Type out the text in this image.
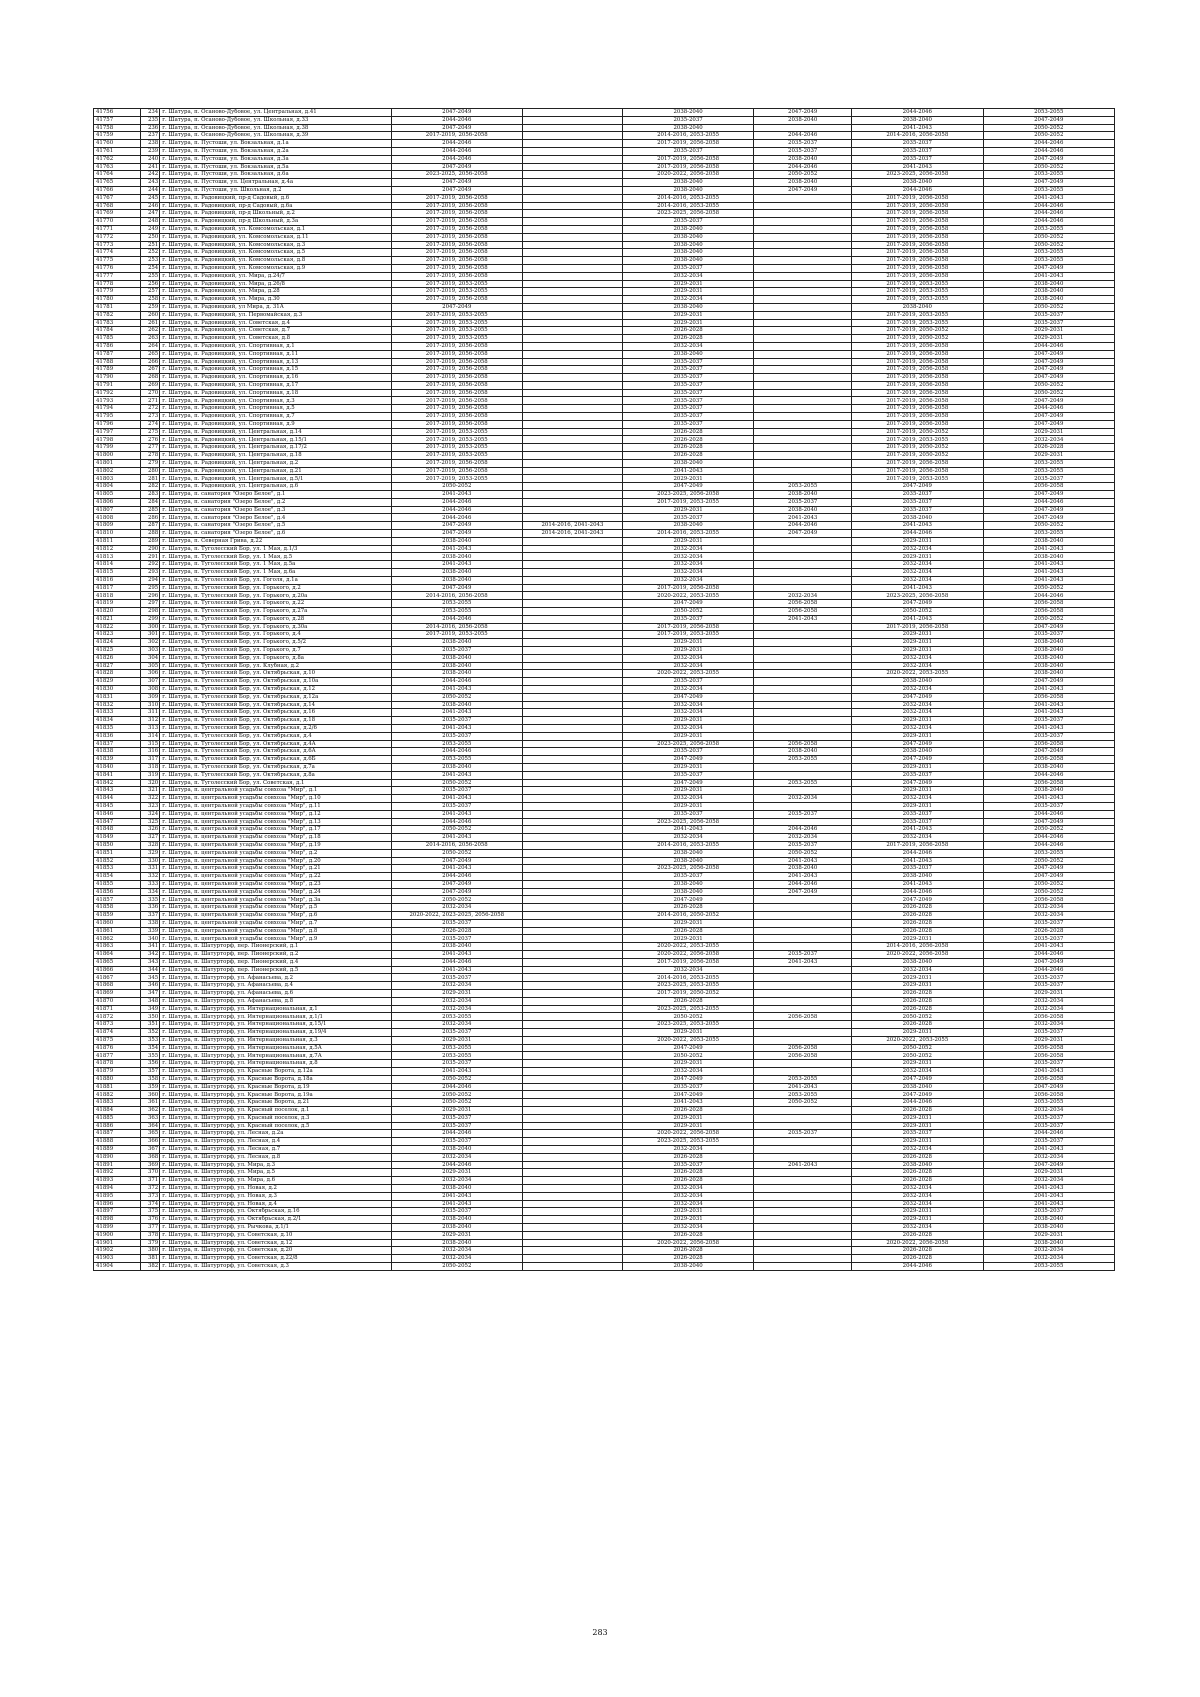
41756	234	г. Шатура, п. Осаново-Дубовое, ул. Центральная, д.41	2047-2049		2038-2040	2047-2049	2044-2046	2053-2055
41757	235	г. Шатура, п. Осаново-Дубовое, ул. Школьная, д.33	2044-2046		2035-2037	2038-2040	2038-2040	2047-2049
41758	236	г. Шатура, п. Осаново-Дубовое, ул. Школьная, д.38	2047-2049		2038-2040		2041-2043	2050-2052
41759	237	г. Шатура, п. Осаново-Дубовое, ул. Школьная, д.39	2017-2019, 2056-2058		2014-2016, 2053-2055	2044-2046	2014-2016, 2056-2058	2050-2052
41760	238	г. Шатура, п. Пустоши, ул. Вокзальная, д.1а	2044-2046		2017-2019, 2056-2058	2035-2037	2035-2037	2044-2046
41761	239	г. Шатура, п. Пустоши, ул. Вокзальная, д.2а	2044-2046		2035-2037	2035-2037	2035-2037	2044-2046
41762	240	г. Шатура, п. Пустоши, ул. Вокзальная, д.3а	2044-2046		2017-2019, 2056-2058	2038-2040	2035-2037	2047-2049
41763	241	г. Шатура, п. Пустоши, ул. Вокзальная, д.5а	2047-2049		2017-2019, 2056-2058	2044-2046	2041-2043	2050-2052
41764	242	г. Шатура, п. Пустоши, ул. Вокзальная, д.6а	2023-2025, 2056-2058		2020-2022, 2056-2058	2050-2052	2023-2025, 2056-2058	2053-2055
41765	243	г. Шатура, п. Пустоши, ул. Центральная, д.4а	2047-2049		2038-2040	2038-2040	2038-2040	2047-2049
41766	244	г. Шатура, п. Пустоши, ул. Школьная, д.2	2047-2049		2038-2040	2047-2049	2044-2046	2053-2055
41767	245	г. Шатура, п. Радовицкий, пр-д Садовый, д.6	2017-2019, 2056-2058		2014-2016, 2053-2055		2017-2019, 2056-2058	2041-2043
41768	246	г. Шатура, п. Радовицкий, пр-д Садовый, д.6а	2017-2019, 2056-2058		2014-2016, 2053-2055		2017-2019, 2056-2058	2044-2046
41769	247	г. Шатура, п. Радовицкий, пр-д Школьный, д.2	2017-2019, 2056-2058		2023-2025, 2056-2058		2017-2019, 2056-2058	2044-2046
41770	248	г. Шатура, п. Радовицкий, пр-д Школьный, д.3а	2017-2019, 2056-2058		2035-2037		2017-2019, 2056-2058	2044-2046
41771	249	г. Шатура, п. Радовицкий, ул. Комсомольская, д.1	2017-2019, 2056-2058		2038-2040		2017-2019, 2056-2058	2053-2055
41772	250	г. Шатура, п. Радовицкий, ул. Комсомольская, д.11	2017-2019, 2056-2058		2038-2040		2017-2019, 2056-2058	2050-2052
41773	251	г. Шатура, п. Радовицкий, ул. Комсомольская, д.3	2017-2019, 2056-2058		2038-2040		2017-2019, 2056-2058	2050-2052
41774	252	г. Шатура, п. Радовицкий, ул. Комсомольская, д.5	2017-2019, 2056-2058		2038-2040		2017-2019, 2056-2058	2053-2055
41775	253	г. Шатура, п. Радовицкий, ул. Комсомольская, д.8	2017-2019, 2056-2058		2038-2040		2017-2019, 2056-2058	2053-2055
41776	254	г. Шатура, п. Радовицкий, ул. Комсомольская, д.9	2017-2019, 2056-2058		2035-2037		2017-2019, 2056-2058	2047-2049
41777	255	г. Шатура, п. Радовицкий, ул. Мира, д.24/7	2017-2019, 2056-2058		2032-2034		2017-2019, 2056-2058	2041-2043
41778	256	г. Шатура, п. Радовицкий, ул. Мира, д.26/8	2017-2019, 2053-2055		2029-2031		2017-2019, 2053-2055	2038-2040
41779	257	г. Шатура, п. Радовицкий, ул. Мира, д.28	2017-2019, 2053-2055		2029-2031		2017-2019, 2053-2055	2038-2040
41780	258	г. Шатура, п. Радовицкий, ул. Мира, д.30	2017-2019, 2056-2058		2032-2034		2017-2019, 2053-2055	2038-2040
41781	259	г. Шатура, п. Радовицкий, ул Мира, д. 31А	2047-2049		2038-2040		2038-2040	2050-2052
41782	260	г. Шатура, п. Радовицкий, ул. Первомайская, д.3	2017-2019, 2053-2055		2029-2031		2017-2019, 2053-2055	2035-2037
41783	261	г. Шатура, п. Радовицкий, ул. Советская, д.4	2017-2019, 2053-2055		2029-2031		2017-2019, 2053-2055	2035-2037
41784	262	г. Шатура, п. Радовицкий, ул. Советская, д.7	2017-2019, 2053-2055		2026-2028		2017-2019, 2050-2052	2029-2031
41785	263	г. Шатура, п. Радовицкий, ул. Советская, д.8	2017-2019, 2053-2055		2026-2028		2017-2019, 2050-2052	2029-2031
41786	264	г. Шатура, п. Радовицкий, ул. Спортивная, д.1	2017-2019, 2056-2058		2032-2034		2017-2019, 2056-2058	2044-2046
41787	265	г. Шатура, п. Радовицкий, ул. Спортивная, д.11	2017-2019, 2056-2058		2038-2040		2017-2019, 2056-2058	2047-2049
41788	266	г. Шатура, п. Радовицкий, ул. Спортивная, д.13	2017-2019, 2056-2058		2035-2037		2017-2019, 2056-2058	2047-2049
41789	267	г. Шатура, п. Радовицкий, ул. Спортивная, д.15	2017-2019, 2056-2058		2035-2037		2017-2019, 2056-2058	2047-2049
41790	268	г. Шатура, п. Радовицкий, ул. Спортивная, д.16	2017-2019, 2056-2058		2035-2037		2017-2019, 2056-2058	2047-2049
41791	269	г. Шатура, п. Радовицкий, ул. Спортивная, д.17	2017-2019, 2056-2058		2035-2037		2017-2019, 2056-2058	2050-2052
41792	270	г. Шатура, п. Радовицкий, ул. Спортивная, д.18	2017-2019, 2056-2058		2035-2037		2017-2019, 2056-2058	2050-2052
41793	271	г. Шатура, п. Радовицкий, ул. Спортивная, д.3	2017-2019, 2056-2058		2035-2037		2017-2019, 2056-2058	2047-2049
41794	272	г. Шатура, п. Радовицкий, ул. Спортивная, д.5	2017-2019, 2056-2058		2035-2037		2017-2019, 2056-2058	2044-2046
41795	273	г. Шатура, п. Радовицкий, ул. Спортивная, д.7	2017-2019, 2056-2058		2035-2037		2017-2019, 2056-2058	2047-2049
41796	274	г. Шатура, п. Радовицкий, ул. Спортивная, д.9	2017-2019, 2056-2058		2035-2037		2017-2019, 2056-2058	2047-2049
41797	275	г. Шатура, п. Радовицкий, ул. Центральная, д.14	2017-2019, 2053-2055		2026-2028		2017-2019, 2050-2052	2029-2031
41798	276	г. Шатура, п. Радовицкий, ул. Центральная, д.15/1	2017-2019, 2053-2055		2026-2028		2017-2019, 2053-2055	2032-2034
41799	277	г. Шатура, п. Радовицкий, ул. Центральная, д.17/2	2017-2019, 2053-2055		2026-2028		2017-2019, 2050-2052	2026-2028
41800	278	г. Шатура, п. Радовицкий, ул. Центральная, д.18	2017-2019, 2053-2055		2026-2028		2017-2019, 2050-2052	2029-2031
41801	279	г. Шатура, п. Радовицкий, ул. Центральная, д.2	2017-2019, 2056-2058		2038-2040		2017-2019, 2056-2058	2053-2055
41802	280	г. Шатура, п. Радовицкий, ул. Центральная, д.21	2017-2019, 2056-2058		2041-2043		2017-2019, 2056-2058	2053-2055
41803	281	г. Шатура, п. Радовицкий, ул. Центральная, д.5/1	2017-2019, 2053-2055		2029-2031		2017-2019, 2053-2055	2035-2037
41804	282	г. Шатура, п. Радовицкий, ул. Центральная, д.6	2050-2052		2047-2049	2053-2055	2047-2049	2056-2058
41805	283	г. Шатура, п. санатория "Озеро Белое", д.1	2041-2043		2023-2025, 2056-2058	2038-2040	2035-2037	2047-2049
41806	284	г. Шатура, п. санатория "Озеро Белое", д.2	2044-2046		2017-2019, 2053-2055	2035-2037	2035-2037	2044-2046
41807	285	г. Шатура, п. санатория "Озеро Белое", д.3	2044-2046		2029-2031	2038-2040	2035-2037	2047-2049
41808	286	г. Шатура, п. санатория "Озеро Белое", д.4	2044-2046		2035-2037	2041-2043	2038-2040	2047-2049
41809	287	г. Шатура, п. санатория "Озеро Белое", д.5	2047-2049	2014-2016, 2041-2043	2038-2040	2044-2046	2041-2043	2050-2052
41810	288	г. Шатура, п. санатория "Озеро Белое", д.6	2047-2049	2014-2016, 2041-2043	2014-2016, 2053-2055	2047-2049	2044-2046	2053-2055
41811	289	г. Шатура, п. Северная Грива, д.22	2038-2040		2029-2031		2029-2031	2038-2040
41812	290	г. Шатура, п. Туголесский Бор, ул. 1 Мая, д.1/3	2041-2043		2032-2034		2032-2034	2041-2043
41813	291	г. Шатура, п. Туголесский Бор, ул. 1 Мая, д.5	2038-2040		2032-2034		2029-2031	2038-2040
41814	292	г. Шатура, п. Туголесский Бор, ул. 1 Мая, д.5а	2041-2043		2032-2034		2032-2034	2041-2043
41815	293	г. Шатура, п. Туголесский Бор, ул. 1 Мая, д.6а	2038-2040		2032-2034		2032-2034	2041-2043
41816	294	г. Шатура, п. Туголесский Бор, ул. Гоголя, д.1а	2038-2040		2032-2034		2032-2034	2041-2043
41817	295	г. Шатура, п. Туголесский Бор, ул. Горького, д.2	2047-2049		2017-2019, 2056-2058		2041-2043	2050-2052
41818	296	г. Шатура, п. Туголесский Бор, ул. Горького, д.20а	2014-2016, 2056-2058		2020-2022, 2053-2055	2032-2034	2023-2025, 2056-2058	2044-2046
41819	297	г. Шатура, п. Туголесский Бор, ул. Горького, д.22	2053-2055		2047-2049	2056-2058	2047-2049	2056-2058
41820	298	г. Шатура, п. Туголесский Бор, ул. Горького, д.27а	2053-2055		2050-2052	2056-2058	2050-2052	2056-2058
41821	299	г. Шатура, п. Туголесский Бор, ул. Горького, д.28	2044-2046		2035-2037	2041-2043	2041-2043	2050-2052
41822	300	г. Шатура, п. Туголесский Бор, ул. Горького, д.30а	2014-2016, 2056-2058		2017-2019, 2056-2058		2017-2019, 2056-2058	2047-2049
41823	301	г. Шатура, п. Туголесский Бор, ул. Горького, д.4	2017-2019, 2053-2055		2017-2019, 2053-2055		2029-2031	2035-2037
41824	302	г. Шатура, п. Туголесский Бор, ул. Горького, д.5/2	2038-2040		2029-2031		2029-2031	2038-2040
41825	303	г. Шатура, п. Туголесский Бор, ул. Горького, д.7	2035-2037		2029-2031		2029-2031	2038-2040
41826	304	г. Шатура, п. Туголесский Бор, ул. Горького, д.8а	2038-2040		2032-2034		2032-2034	2038-2040
41827	305	г. Шатура, п. Туголесский Бор, ул. Клубная, д.2	2038-2040		2032-2034		2032-2034	2038-2040
41828	306	г. Шатура, п. Туголесский Бор, ул. Октябрьская, д.10	2038-2040		2020-2022, 2053-2055		2020-2022, 2053-2055	2038-2040
41829	307	г. Шатура, п. Туголесский Бор, ул. Октябрьская, д.10а	2044-2046		2035-2037		2038-2040	2047-2049
41830	308	г. Шатура, п. Туголесский Бор, ул. Октябрьская, д.12	2041-2043		2032-2034		2032-2034	2041-2043
41831	309	г. Шатура, п. Туголесский Бор, ул. Октябрьская, д.12а	2050-2052		2047-2049		2047-2049	2056-2058
41832	310	г. Шатура, п. Туголесский Бор, ул. Октябрьская, д.14	2038-2040		2032-2034		2032-2034	2041-2043
41833	311	г. Шатура, п. Туголесский Бор, ул. Октябрьская, д.16	2041-2043		2032-2034		2032-2034	2041-2043
41834	312	г. Шатура, п. Туголесский Бор, ул. Октябрьская, д.18	2035-2037		2029-2031		2029-2031	2035-2037
41835	313	г. Шатура, п. Туголесский Бор, ул. Октябрьская, д.2/6	2041-2043		2032-2034		2032-2034	2041-2043
41836	314	г. Шатура, п. Туголесский Бор, ул. Октябрьская, д.4	2035-2037		2029-2031		2029-2031	2035-2037
41837	315	г. Шатура, п. Туголесский Бор, ул. Октябрьская, д.4А	2053-2055		2023-2025, 2056-2058	2056-2058	2047-2049	2056-2058
41838	316	г. Шатура, п. Туголесский Бор, ул. Октябрьская, д.6А	2044-2046		2035-2037	2038-2040	2038-2040	2047-2049
41839	317	г. Шатура, п. Туголесский Бор, ул. Октябрьская, д.6Б	2053-2055		2047-2049	2053-2055	2047-2049	2056-2058
41840	318	г. Шатура, п. Туголесский Бор, ул. Октябрьская, д.7а	2038-2040		2029-2031		2029-2031	2038-2040
41841	319	г. Шатура, п. Туголесский Бор, ул. Октябрьская, д.8а	2041-2043		2035-2037		2035-2037	2044-2046
41842	320	г. Шатура, п. Туголесский Бор, ул. Советская, д.1	2050-2052		2047-2049	2053-2055	2047-2049	2056-2058
41843	321	г. Шатура, п. центральной усадьбы совхоза "Мир", д.1	2035-2037		2029-2031		2029-2031	2038-2040
41844	322	г. Шатура, п. центральной усадьбы совхоза "Мир", д.10	2041-2043		2032-2034	2032-2034	2032-2034	2041-2043
41845	323	г. Шатура, п. центральной усадьбы совхоза "Мир", д.11	2035-2037		2029-2031		2029-2031	2035-2037
41846	324	г. Шатура, п. центральной усадьбы совхоза "Мир", д.12	2041-2043		2035-2037	2035-2037	2035-2037	2044-2046
41847	325	г. Шатура, п. центральной усадьбы совхоза "Мир", д.13	2044-2046		2023-2025, 2056-2058		2035-2037	2047-2049
41848	326	г. Шатура, п. центральной усадьбы совхоза "Мир", д.17	2050-2052		2041-2043	2044-2046	2041-2043	2050-2052
41849	327	г. Шатура, п. центральной усадьбы совхоза "Мир", д.18	2041-2043		2032-2034	2032-2034	2032-2034	2044-2046
41850	328	г. Шатура, п. центральной усадьбы совхоза "Мир", д.19	2014-2016, 2056-2058		2014-2016, 2053-2055	2035-2037	2017-2019, 2056-2058	2044-2046
41851	329	г. Шатура, п. центральной усадьбы совхоза "Мир", д.2	2050-2052		2038-2040	2050-2052	2044-2046	2053-2055
41852	330	г. Шатура, п. центральной усадьбы совхоза "Мир", д.20	2047-2049		2038-2040	2041-2043	2041-2043	2050-2052
41853	331	г. Шатура, п. центральной усадьбы совхоза "Мир", д.21	2041-2043		2023-2025, 2056-2058	2038-2040	2035-2037	2047-2049
41854	332	г. Шатура, п. центральной усадьбы совхоза "Мир", д.22	2044-2046		2035-2037	2041-2043	2038-2040	2047-2049
41855	333	г. Шатура, п. центральной усадьбы совхоза "Мир", д.23	2047-2049		2038-2040	2044-2046	2041-2043	2050-2052
41856	334	г. Шатура, п. центральной усадьбы совхоза "Мир", д.24	2047-2049		2038-2040	2047-2049	2044-2046	2050-2052
41857	335	г. Шатура, п. центральной усадьбы совхоза "Мир", д.3а	2050-2052		2047-2049		2047-2049	2056-2058
41858	336	г. Шатура, п. центральной усадьбы совхоза "Мир", д.5	2032-2034		2026-2028		2026-2028	2032-2034
41859	337	г. Шатура, п. центральной усадьбы совхоза "Мир", д.6	2020-2022, 2023-2025, 2056-2058		2014-2016, 2050-2052		2026-2028	2032-2034
41860	338	г. Шатура, п. центральной усадьбы совхоза "Мир", д.7	2035-2037		2029-2031		2026-2028	2035-2037
41861	339	г. Шатура, п. центральной усадьбы совхоза "Мир", д.8	2026-2028		2026-2028		2026-2028	2026-2028
41862	340	г. Шатура, п. центральной усадьбы совхоза "Мир", д.9	2035-2037		2029-2031		2029-2031	2035-2037
41863	341	г. Шатура, п. Шатурторф, пер. Пионерский, д.1	2038-2040		2020-2022, 2053-2055		2014-2016, 2056-2058	2041-2043
41864	342	г. Шатура, п. Шатурторф, пер. Пионерский, д.2	2041-2043		2020-2022, 2056-2058	2035-2037	2020-2022, 2056-2058	2044-2046
41865	343	г. Шатура, п. Шатурторф, пер. Пионерский, д.4	2044-2046		2017-2019, 2056-2058	2041-2043	2038-2040	2047-2049
41866	344	г. Шатура, п. Шатурторф, пер. Пионерский, д.5	2041-2043		2032-2034		2032-2034	2044-2046
41867	345	г. Шатура, п. Шатурторф, ул. Афанасьева, д.2	2035-2037		2014-2016, 2053-2055		2029-2031	2035-2037
41868	346	г. Шатура, п. Шатурторф, ул. Афанасьева, д.4	2032-2034		2023-2025, 2053-2055		2029-2031	2035-2037
41869	347	г. Шатура, п. Шатурторф, ул. Афанасьева, д.6	2029-2031		2017-2019, 2050-2052		2026-2028	2029-2031
41870	348	г. Шатура, п. Шатурторф, ул. Афанасьева, д.8	2032-2034		2026-2028		2026-2028	2032-2034
41871	349	г. Шатура, п. Шатурторф, ул. Интернациональная, д.1	2032-2034		2023-2025, 2053-2055		2026-2028	2032-2034
41872	350	г. Шатура, п. Шатурторф, ул. Интернациональная, д.1/1	2053-2055		2050-2052	2056-2058	2050-2052	2056-2058
41873	351	г. Шатура, п. Шатурторф, ул. Интернациональная, д.15/1	2032-2034		2023-2025, 2053-2055		2026-2028	2032-2034
41874	352	г. Шатура, п. Шатурторф, ул. Интернациональная, д.19/4	2035-2037		2029-2031		2029-2031	2035-2037
41875	353	г. Шатура, п. Шатурторф, ул. Интернациональная, д.3	2029-2031		2020-2022, 2053-2055		2020-2022, 2053-2055	2029-2031
41876	354	г. Шатура, п. Шатурторф, ул. Интернациональная, д.5А	2053-2055		2047-2049	2056-2058	2050-2052	2056-2058
41877	355	г. Шатура, п. Шатурторф, ул. Интернациональная, д.7А	2053-2055		2050-2052	2056-2058	2050-2052	2056-2058
41878	356	г. Шатура, п. Шатурторф, ул. Интернациональная, д.8	2035-2037		2029-2031		2029-2031	2035-2037
41879	357	г. Шатура, п. Шатурторф, ул. Красные Ворота, д.12а	2041-2043		2032-2034		2032-2034	2041-2043
41880	358	г. Шатура, п. Шатурторф, ул. Красные Ворота, д.18а	2050-2052		2047-2049	2053-2055	2047-2049	2056-2058
41881	359	г. Шатура, п. Шатурторф, ул. Красные Ворота, д.19	2044-2046		2035-2037	2041-2043	2038-2040	2047-2049
41882	360	г. Шатура, п. Шатурторф, ул. Красные Ворота, д.19а	2050-2052		2047-2049	2053-2055	2047-2049	2056-2058
41883	361	г. Шатура, п. Шатурторф, ул. Красные Ворота, д.21	2050-2052		2041-2043	2050-2052	2044-2046	2053-2055
41884	362	г. Шатура, п. Шатурторф, ул. Красный поселок, д.1	2029-2031		2026-2028		2026-2028	2032-2034
41885	363	г. Шатура, п. Шатурторф, ул. Красный поселок, д.3	2035-2037		2029-2031		2029-2031	2035-2037
41886	364	г. Шатура, п. Шатурторф, ул. Красный поселок, д.5	2035-2037		2029-2031		2029-2031	2035-2037
41887	365	г. Шатура, п. Шатурторф, ул. Лесная, д.2а	2044-2046		2020-2022, 2056-2058	2035-2037	2035-2037	2044-2046
41888	366	г. Шатура, п. Шатурторф, ул. Лесная, д.4	2035-2037		2023-2025, 2053-2055		2029-2031	2035-2037
41889	367	г. Шатура, п. Шатурторф, ул. Лесная, д.7	2038-2040		2032-2034		2032-2034	2041-2043
41890	368	г. Шатура, п. Шатурторф, ул. Лесная, д.8	2032-2034		2026-2028		2026-2028	2032-2034
41891	369	г. Шатура, п. Шатурторф, ул. Мира, д.3	2044-2046		2035-2037	2041-2043	2038-2040	2047-2049
41892	370	г. Шатура, п. Шатурторф, ул. Мира, д.5	2029-2031		2026-2028		2026-2028	2029-2031
41893	371	г. Шатура, п. Шатурторф, ул. Мира, д.6	2032-2034		2026-2028		2026-2028	2032-2034
41894	372	г. Шатура, п. Шатурторф, ул. Новая, д.2	2038-2040		2032-2034		2032-2034	2041-2043
41895	373	г. Шатура, п. Шатурторф, ул. Новая, д.3	2041-2043		2032-2034		2032-2034	2041-2043
41896	374	г. Шатура, п. Шатурторф, ул. Новая, д.4	2041-2043		2032-2034		2032-2034	2041-2043
41897	375	г. Шатура, п. Шатурторф, ул. Октябрьская, д.16	2035-2037		2029-2031		2029-2031	2035-2037
41898	376	г. Шатура, п. Шатурторф, ул. Октябрьская, д.2/1	2038-2040		2029-2031		2029-2031	2038-2040
41899	377	г. Шатура, п. Шатурторф, ул. Рычкова, д.1/1	2038-2040		2032-2034		2032-2034	2038-2040
41900	378	г. Шатура, п. Шатурторф, ул. Советская, д.10	2029-2031		2026-2028		2026-2028	2029-2031
41901	379	г. Шатура, п. Шатурторф, ул. Советская, д.12	2038-2040		2020-2022, 2056-2058		2020-2022, 2056-2058	2038-2040
41902	380	г. Шатура, п. Шатурторф, ул. Советская, д.20	2032-2034		2026-2028		2026-2028	2032-2034
41903	381	г. Шатура, п. Шатурторф, ул. Советская, д.22/8	2032-2034		2026-2028		2026-2028	2032-2034
41904	382	г. Шатура, п. Шатурторф, ул. Советская, д.3	2050-2052		2038-2040		2044-2046	2053-2055
283
